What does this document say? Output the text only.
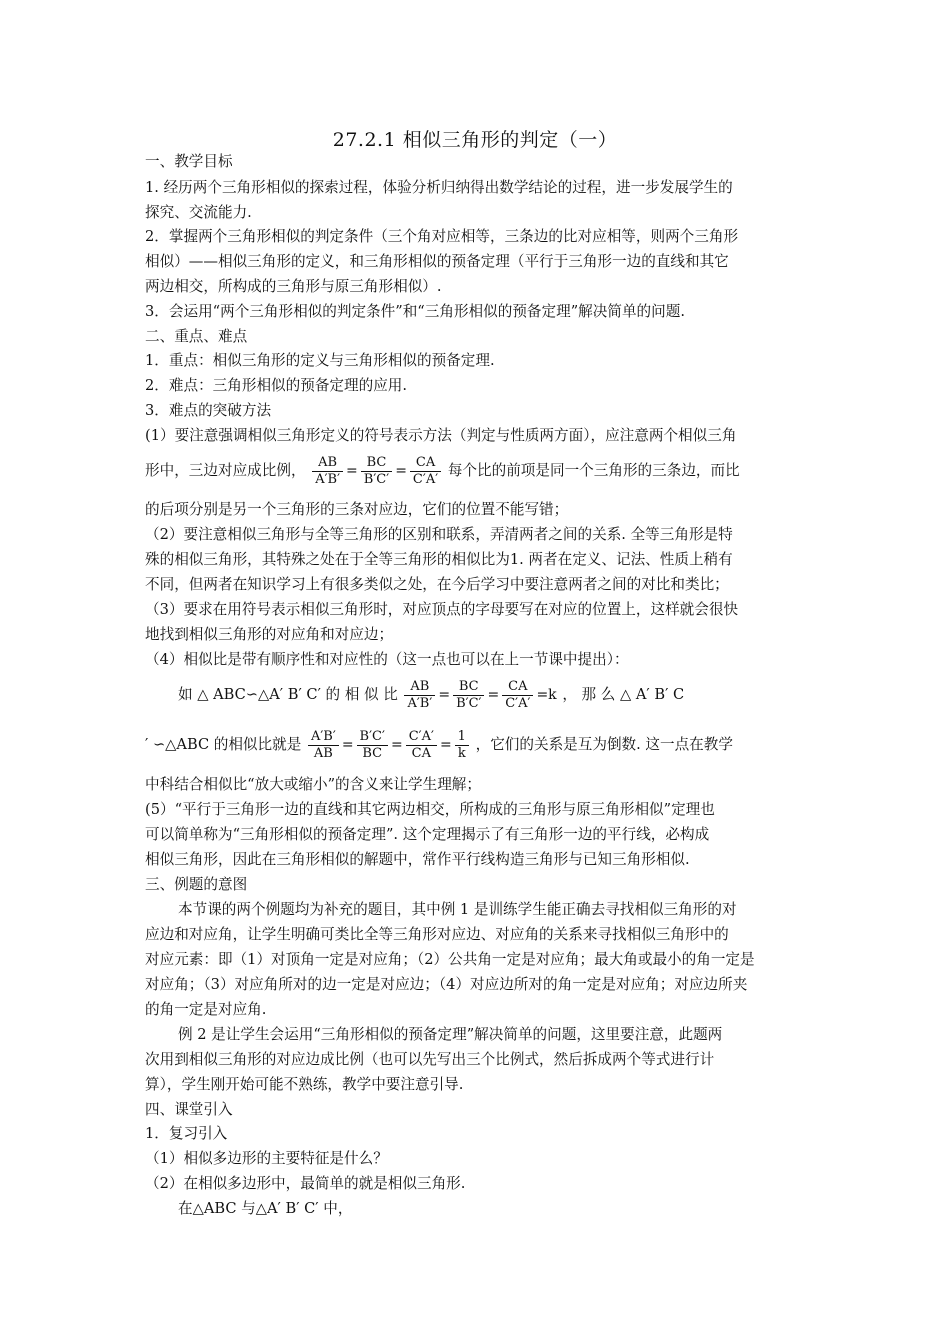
27.2.1 相似三角形的判定（一）
一、教学目标
1. 经历两个三角形相似的探索过程，体验分析归纳得出数学结论的过程，进一步发展学生的
探究、交流能力.
2．掌握两个三角形相似的判定条件（三个角对应相等，三条边的比对应相等，则两个三角形
相似）——相似三角形的定义，和三角形相似的预备定理（平行于三角形一边的直线和其它
两边相交，所构成的三角形与原三角形相似）.
3．会运用“两个三角形相似的判定条件”和“三角形相似的预备定理”解决简单的问题.
二、重点、难点
1．重点：相似三角形的定义与三角形相似的预备定理.
2．难点：三角形相似的预备定理的应用.
3．难点的突破方法
(1）要注意强调相似三角形定义的符号表示方法（判定与性质两方面），应注意两个相似三角
形中，三边对应成比例， $\frac{AB}{A'B'} = \frac{BC}{B'C'} = \frac{CA}{C'A'}$ 每个比的前项是同一个三角形的三条边，而比
的后项分别是另一个三角形的三条对应边，它们的位置不能写错；
（2）要注意相似三角形与全等三角形的区别和联系，弄清两者之间的关系. 全等三角形是特
殊的相似三角形，其特殊之处在于全等三角形的相似比为1. 两者在定义、记法、性质上稍有
不同，但两者在知识学习上有很多类似之处，在今后学习中要注意两者之间的对比和类比；
（3）要求在用符号表示相似三角形时，对应顶点的字母要写在对应的位置上，这样就会很快
地找到相似三角形的对应角和对应边；
（4）相似比是带有顺序性和对应性的（这一点也可以在上一节课中提出）：
如 △ ABC∽△A′ B′ C′ 的 相 似 比 $\frac{AB}{A'B'} = \frac{BC}{B'C'} = \frac{CA}{C'A'} =k$ ， 那 么 △ A′ B′ C
′ ∽△ABC 的相似比就是 $\frac{A'B'}{AB} = \frac{B'C'}{BC} = \frac{C'A'}{CA} = \frac{1}{k}$ ，它们的关系是互为倒数. 这一点在教学
中科结合相似比“放大或缩小”的含义来让学生理解；
(5）“平行于三角形一边的直线和其它两边相交，所构成的三角形与原三角形相似”定理也
可以简单称为“三角形相似的预备定理”. 这个定理揭示了有三角形一边的平行线，必构成
相似三角形，因此在三角形相似的解题中，常作平行线构造三角形与已知三角形相似.
三、例题的意图
本节课的两个例题均为补充的题目，其中例 1 是训练学生能正确去寻找相似三角形的对
应边和对应角，让学生明确可类比全等三角形对应边、对应角的关系来寻找相似三角形中的
对应元素：即（1）对顶角一定是对应角；（2）公共角一定是对应角；最大角或最小的角一定是
对应角；（3）对应角所对的边一定是对应边；（4）对应边所对的角一定是对应角；对应边所夹
的角一定是对应角.
例 2 是让学生会运用“三角形相似的预备定理”解决简单的问题，这里要注意，此题两
次用到相似三角形的对应边成比例（也可以先写出三个比例式，然后拆成两个等式进行计
算），学生刚开始可能不熟练，教学中要注意引导.
四、课堂引入
1．复习引入
（1）相似多边形的主要特征是什么？
（2）在相似多边形中，最简单的就是相似三角形.
在△ABC 与△A′ B′ C′ 中，
